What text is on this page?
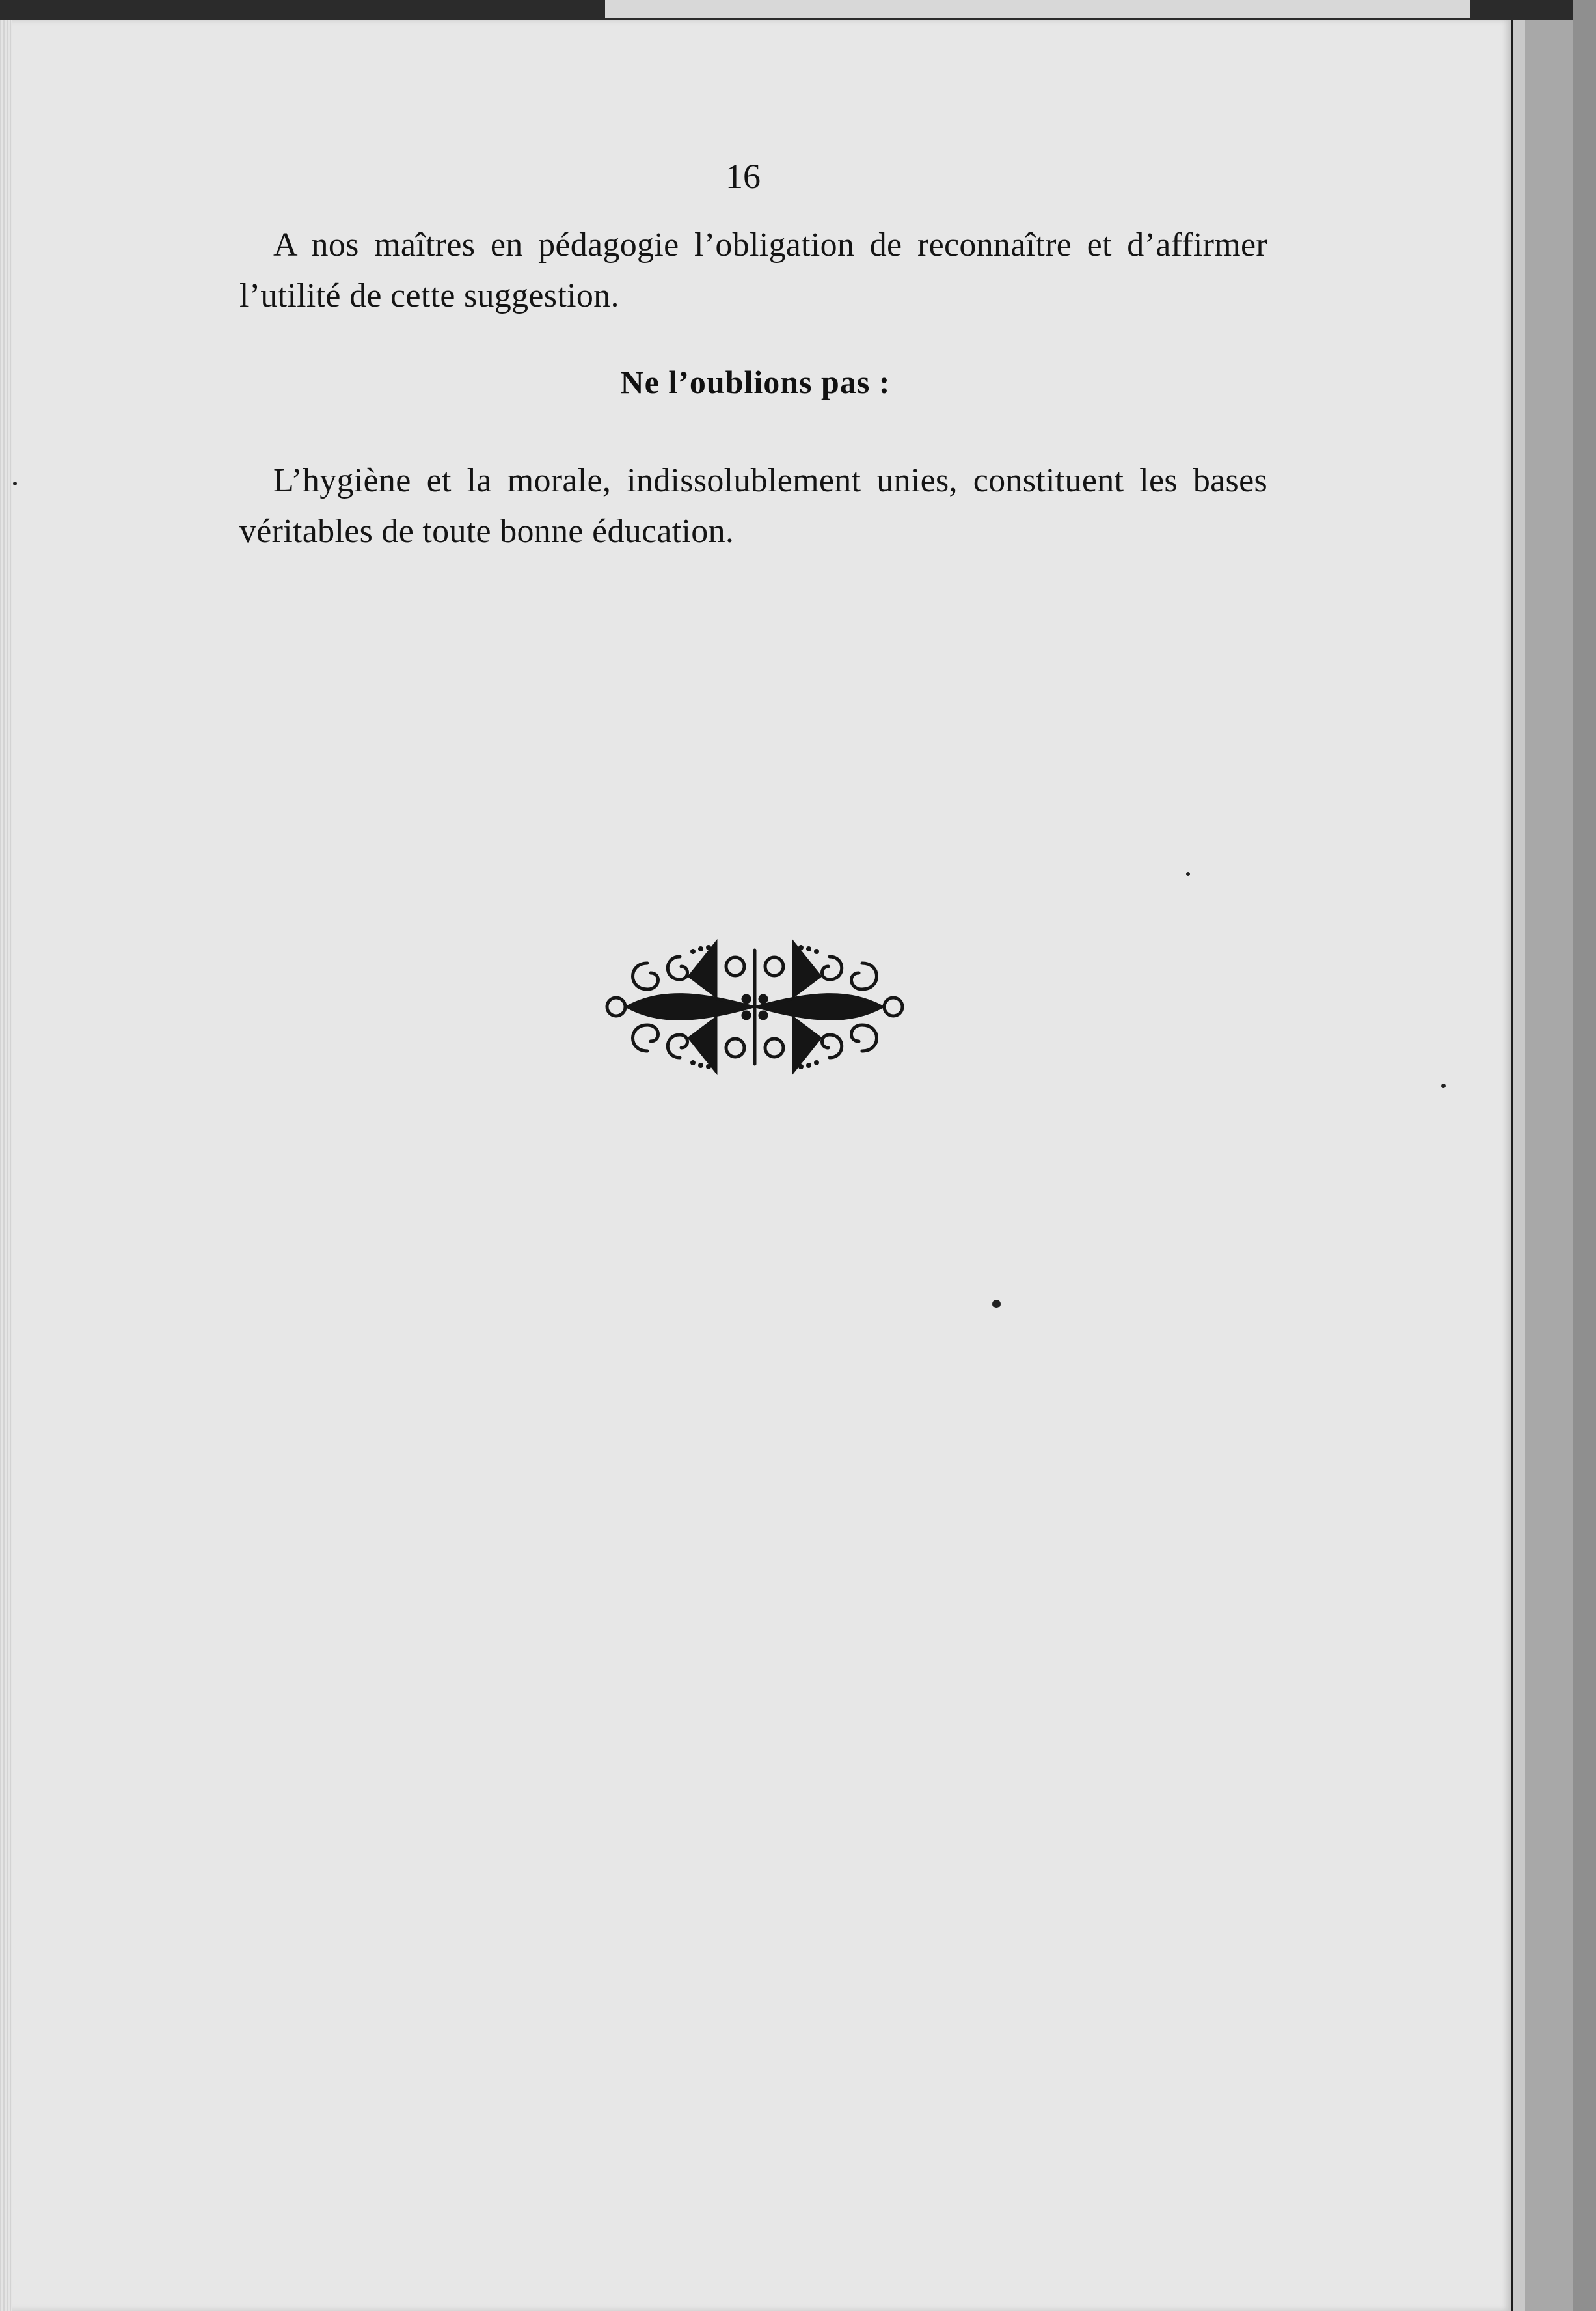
16

A nos maîtres en pédagogie l’obligation de reconnaître et d’affirmer l’utilité de cette suggestion.

Ne l’oublions pas :

L’hygiène et la morale, indissolublement unies, constituent les bases véritables de toute bonne éducation.
